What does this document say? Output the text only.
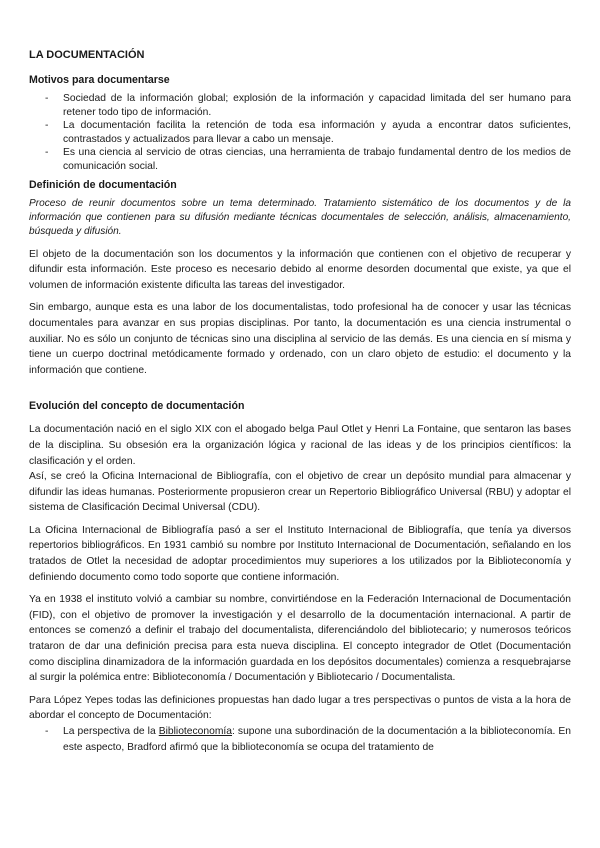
LA DOCUMENTACIÓN
Motivos para documentarse
- Sociedad de la información global; explosión de la información y capacidad limitada del ser humano para retener todo tipo de información.
- La documentación facilita la retención de toda esa información y ayuda a encontrar datos suficientes, contrastados y actualizados para llevar a cabo un mensaje.
- Es una ciencia al servicio de otras ciencias, una herramienta de trabajo fundamental dentro de los medios de comunicación social.
Definición de documentación

Proceso de reunir documentos sobre un tema determinado. Tratamiento sistemático de los documentos y de la información que contienen para su difusión mediante técnicas documentales de selección, análisis, almacenamiento, búsqueda y difusión.

El objeto de la documentación son los documentos y la información que contienen con el objetivo de recuperar y difundir esta información. Este proceso es necesario debido al enorme desorden documental que existe, ya que el volumen de información existente dificulta las tareas del investigador.

Sin embargo, aunque esta es una labor de los documentalistas, todo profesional ha de conocer y usar las técnicas documentales para avanzar en sus propias disciplinas. Por tanto, la documentación es una ciencia instrumental o auxiliar. No es sólo un conjunto de técnicas sino una disciplina al servicio de las demás. Es una ciencia en sí misma y tiene un cuerpo doctrinal metódicamente formado y ordenado, con un claro objeto de estudio: el documento y la información que contiene.

Evolución del concepto de documentación

La documentación nació en el siglo XIX con el abogado belga Paul Otlet y Henri La Fontaine, que sentaron las bases de la disciplina. Su obsesión era la organización lógica y racional de las ideas y de los principios científicos: la clasificación y el orden.

Así, se creó la Oficina Internacional de Bibliografía, con el objetivo de crear un depósito mundial para almacenar y difundir las ideas humanas. Posteriormente propusieron crear un Repertorio Bibliográfico Universal (RBU) y adoptar el sistema de Clasificación Decimal Universal (CDU).

La Oficina Internacional de Bibliografía pasó a ser el Instituto Internacional de Bibliografía, que tenía ya diversos repertorios bibliográficos. En 1931 cambió su nombre por Instituto Internacional de Documentación, señalando en los tratados de Otlet la necesidad de adoptar procedimientos muy superiores a los utilizados por la Biblioteconomía y definiendo documento como todo soporte que contiene información.

Ya en 1938 el instituto volvió a cambiar su nombre, convirtiéndose en la Federación Internacional de Documentación (FID), con el objetivo de promover la investigación y el desarrollo de la documentación internacional. A partir de entonces se comenzó a definir el trabajo del documentalista, diferenciándolo del bibliotecario; y numerosos teóricos trataron de dar una definición precisa para esta nueva disciplina. El concepto integrador de Otlet (Documentación como disciplina dinamizadora de la información guardada en los depósitos documentales) comienza a resquebrajarse al surgir la polémica entre: Biblioteconomía / Documentación y Bibliotecario / Documentalista.

Para López Yepes todas las definiciones propuestas han dado lugar a tres perspectivas o puntos de vista a la hora de abordar el concepto de Documentación:

- La perspectiva de la Biblioteconomía: supone una subordinación de la documentación a la biblioteconomía. En este aspecto, Bradford afirmó que la biblioteconomía se ocupa del tratamiento de
